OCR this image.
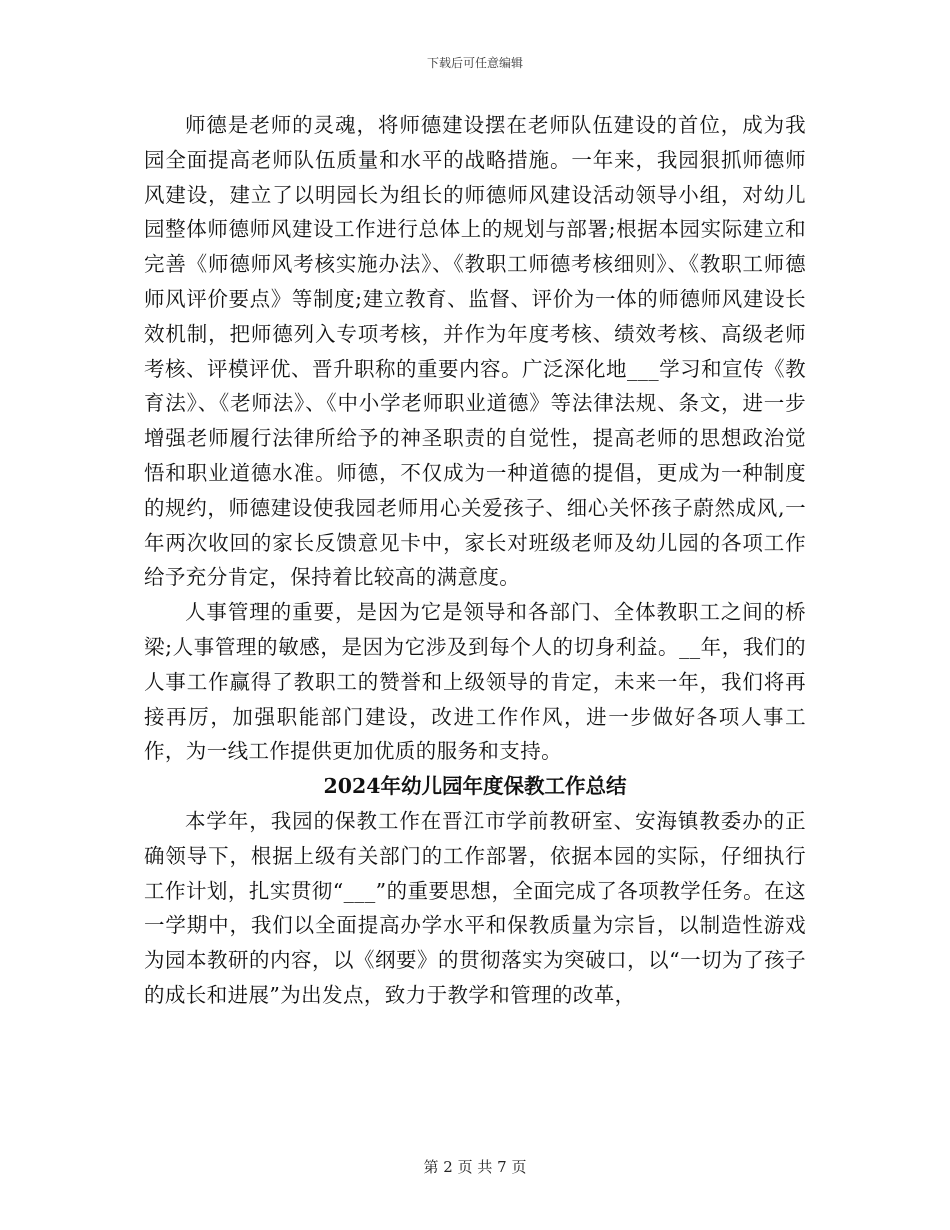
下载后可任意编辑

师德是老师的灵魂，将师德建设摆在老师队伍建设的首位，成为我园全面提高老师队伍质量和水平的战略措施。一年来，我园狠抓师德师风建设，建立了以明园长为组长的师德师风建设活动领导小组，对幼儿园整体师德师风建设工作进行总体上的规划与部署;根据本园实际建立和完善《师德师风考核实施办法》、《教职工师德考核细则》、《教职工师德师风评价要点》等制度;建立教育、监督、评价为一体的师德师风建设长效机制，把师德列入专项考核，并作为年度考核、绩效考核、高级老师考核、评模评优、晋升职称的重要内容。广泛深化地___学习和宣传《教育法》、《老师法》、《中小学老师职业道德》等法律法规、条文，进一步增强老师履行法律所给予的神圣职责的自觉性，提高老师的思想政治觉悟和职业道德水准。师德，不仅成为一种道德的提倡，更成为一种制度的规约，师德建设使我园老师用心关爱孩子、细心关怀孩子蔚然成风,一年两次收回的家长反馈意见卡中，家长对班级老师及幼儿园的各项工作给予充分肯定，保持着比较高的满意度。

人事管理的重要，是因为它是领导和各部门、全体教职工之间的桥梁;人事管理的敏感，是因为它涉及到每个人的切身利益。__年，我们的人事工作赢得了教职工的赞誉和上级领导的肯定，未来一年，我们将再接再厉，加强职能部门建设，改进工作作风，进一步做好各项人事工作，为一线工作提供更加优质的服务和支持。

2024年幼儿园年度保教工作总结

本学年，我园的保教工作在晋江市学前教研室、安海镇教委办的正确领导下，根据上级有关部门的工作部署，依据本园的实际，仔细执行工作计划，扎实贯彻“___”的重要思想，全面完成了各项教学任务。在这一学期中，我们以全面提高办学水平和保教质量为宗旨，以制造性游戏为园本教研的内容，以《纲要》的贯彻落实为突破口，以“一切为了孩子的成长和进展”为出发点，致力于教学和管理的改革，

第 2 页 共 7 页
